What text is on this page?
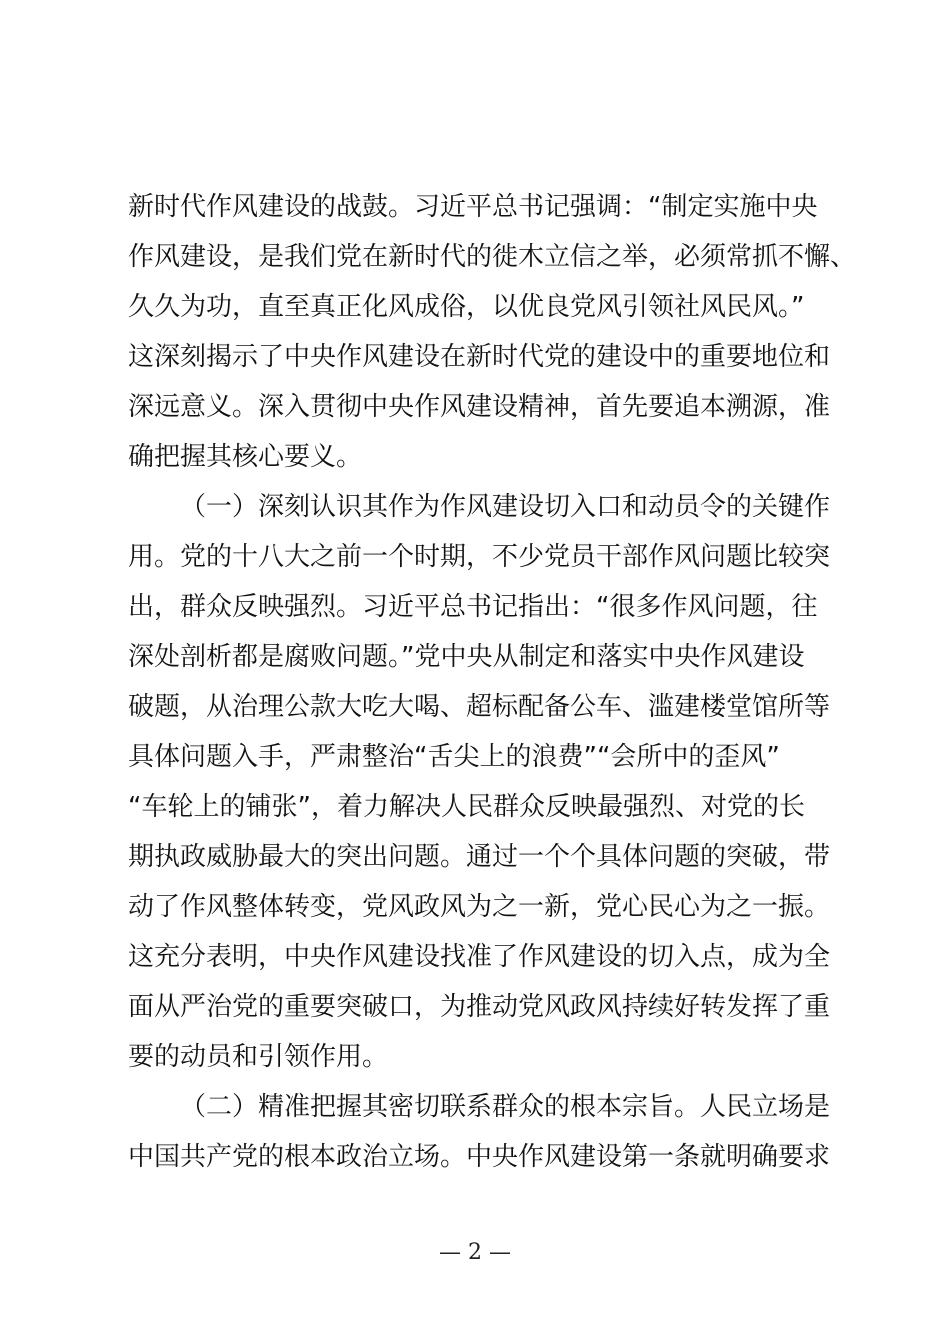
新时代作风建设的战鼓。习近平总书记强调：“制定实施中央
作风建设，是我们党在新时代的徙木立信之举，必须常抓不懈、
久久为功，直至真正化风成俗，以优良党风引领社风民风。”
这深刻揭示了中央作风建设在新时代党的建设中的重要地位和
深远意义。深入贯彻中央作风建设精神，首先要追本溯源，准
确把握其核心要义。
（一）深刻认识其作为作风建设切入口和动员令的关键作
用。党的十八大之前一个时期，不少党员干部作风问题比较突
出，群众反映强烈。习近平总书记指出：“很多作风问题，往
深处剖析都是腐败问题。”党中央从制定和落实中央作风建设
破题，从治理公款大吃大喝、超标配备公车、滥建楼堂馆所等
具体问题入手，严肃整治“舌尖上的浪费”“会所中的歪风”
“车轮上的铺张”，着力解决人民群众反映最强烈、对党的长
期执政威胁最大的突出问题。通过一个个具体问题的突破，带
动了作风整体转变，党风政风为之一新，党心民心为之一振。
这充分表明，中央作风建设找准了作风建设的切入点，成为全
面从严治党的重要突破口，为推动党风政风持续好转发挥了重
要的动员和引领作用。
（二）精准把握其密切联系群众的根本宗旨。人民立场是
中国共产党的根本政治立场。中央作风建设第一条就明确要求
— 2 —
